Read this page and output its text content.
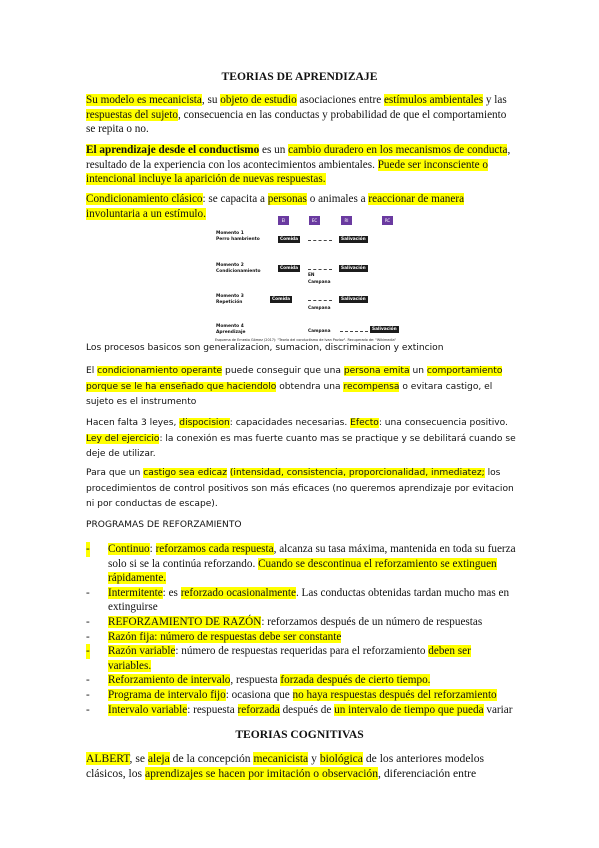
TEORIAS DE APRENDIZAJE

Su modelo es mecanicista, su objeto de estudio asociaciones entre estímulos ambientales y las respuestas del sujeto, consecuencia en las conductas y probabilidad de que el comportamiento se repita o no.

El aprendizaje desde el conductismo es un cambio duradero en los mecanismos de conducta, resultado de la experiencia con los acontecimientos ambientales. Puede ser inconsciente o intencional incluye la aparición de nuevas respuestas.

Condicionamiento clásico: se capacita a personas o animales a reaccionar de manera involuntaria a un estímulo.

EI	EC	RI	RC
Momento 1
Perro hambriento	Comida	Salivación
Momento 2
Condicionamiento	Comida	Salivación
EN
Campana
Momento 3
Repetición	Comida	Salivación
Campana
Momento 4
Aprendizaje	Campana	Salivación
Esquema de Ernesto Gómez (2017): "Teoría del conductismo de Ivan Pavlov". Recuperado de: "Wikimedia"

Los procesos basicos son generalizacion, sumacion, discriminacion y extincion

El condicionamiento operante puede conseguir que una persona emita un comportamiento porque se le ha enseñado que haciendolo obtendra una recompensa o evitara castigo, el sujeto es el instrumento

Hacen falta 3 leyes, dispocision: capacidades necesarias. Efecto: una consecuencia positivo. Ley del ejercicio: la conexión es mas fuerte cuanto mas se practique y se debilitará cuando se deje de utilizar.

Para que un castigo sea edicaz (intensidad, consistencia, proporcionalidad, inmediatez; los procedimientos de control positivos son más eficaces (no queremos aprendizaje por evitacion ni por conductas de escape).

PROGRAMAS DE REFORZAMIENTO

- Continuo: reforzamos cada respuesta, alcanza su tasa máxima, mantenida en toda su fuerza solo si se la continúa reforzando. Cuando se descontinua el reforzamiento se extinguen rápidamente.
- Intermitente: es reforzado ocasionalmente. Las conductas obtenidas tardan mucho mas en extinguirse
- REFORZAMIENTO DE RAZÓN: reforzamos después de un número de respuestas
- Razón fija: número de respuestas debe ser constante
- Razón variable: número de respuestas requeridas para el reforzamiento deben ser variables.
- Reforzamiento de intervalo, respuesta forzada después de cierto tiempo.
- Programa de intervalo fijo: ocasiona que no haya respuestas después del reforzamiento
- Intervalo variable: respuesta reforzada después de un intervalo de tiempo que pueda variar
TEORIAS COGNITIVAS

ALBERT, se aleja de la concepción mecanicista y biológica de los anteriores modelos clásicos, los aprendizajes se hacen por imitación o observación, diferenciación entre
